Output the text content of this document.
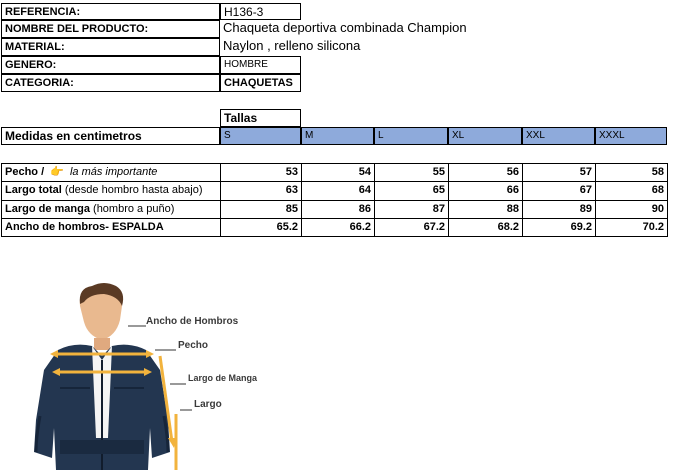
REFERENCIA:	H136-3
NOMBRE DEL PRODUCTO:	Chaqueta deportiva combinada Champion
MATERIAL:	Naylon , relleno silicona
GENERO:	HOMBRE
CATEGORIA:	CHAQUETAS
Tallas
Medidas en centimetros	S	M	L	XL	XXL	XXXL
Pecho / 👉 la más importante	53	54	55	56	57	58
Largo total (desde hombro hasta abajo)	63	64	65	66	67	68
Largo de manga (hombro a puño)	85	86	87	88	89	90
Ancho de hombros- ESPALDA	65.2	66.2	67.2	68.2	69.2	70.2
Ancho de Hombros
Pecho
Largo de Manga
Largo
